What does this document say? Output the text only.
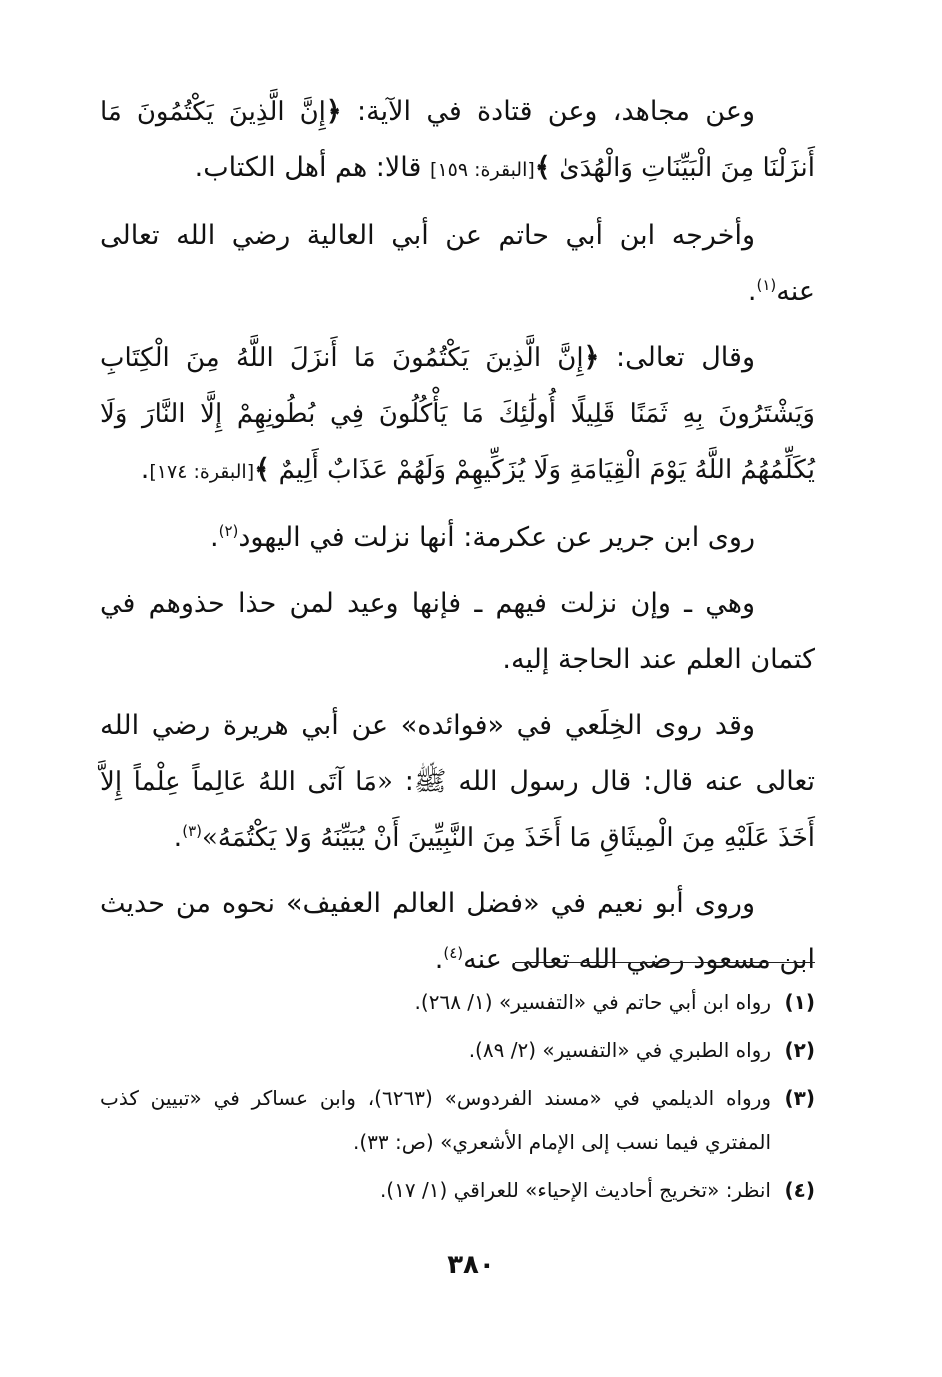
وعن مجاهد، وعن قتادة في الآية: ﴿إِنَّ الَّذِينَ يَكْتُمُونَ مَا أَنزَلْنَا مِنَ الْبَيِّنَاتِ وَالْهُدَىٰ ﴾[البقرة: ١٥٩] قالا: هم أهل الكتاب.

وأخرجه ابن أبي حاتم عن أبي العالية رضي الله تعالى عنه$^{(١)}$.

وقال تعالى: ﴿إِنَّ الَّذِينَ يَكْتُمُونَ مَا أَنزَلَ اللَّهُ مِنَ الْكِتَابِ وَيَشْتَرُونَ بِهِ ثَمَنًا قَلِيلًا أُولَٰئِكَ مَا يَأْكُلُونَ فِي بُطُونِهِمْ إِلَّا النَّارَ وَلَا يُكَلِّمُهُمُ اللَّهُ يَوْمَ الْقِيَامَةِ وَلَا يُزَكِّيهِمْ وَلَهُمْ عَذَابٌ أَلِيمٌ ﴾[البقرة: ١٧٤].

روى ابن جرير عن عكرمة: أنها نزلت في اليهود$^{(٢)}$.

وهي ـ وإن نزلت فيهم ـ فإنها وعيد لمن حذا حذوهم في كتمان العلم عند الحاجة إليه.

وقد روى الخِلَعي في «فوائده» عن أبي هريرة رضي الله تعالى عنه قال: قال رسول الله ﷺ: «مَا آتَى اللهُ عَالِماً عِلْماً إِلاَّ أَخَذَ عَلَيْهِ مِنَ الْمِيثَاقِ مَا أَخَذَ مِنَ النَّبِيِّينَ أَنْ يُبَيِّنَهُ وَلا يَكْتُمَهُ»$^{(٣)}$.

وروى أبو نعيم في «فضل العالم العفيف» نحوه من حديث ابن مسعود رضي الله تعالى عنه$^{(٤)}$.

(١)
رواه ابن أبي حاتم في «التفسير» (١/ ٢٦٨).
(٢)
رواه الطبري في «التفسير» (٢/ ٨٩).
(٣)
ورواه الديلمي في «مسند الفردوس» (٦٢٦٣)، وابن عساكر في «تبيين كذب المفتري فيما نسب إلى الإمام الأشعري» (ص: ٣٣).
(٤)
انظر: «تخريج أحاديث الإحياء» للعراقي (١/ ١٧).
٣٨٠
